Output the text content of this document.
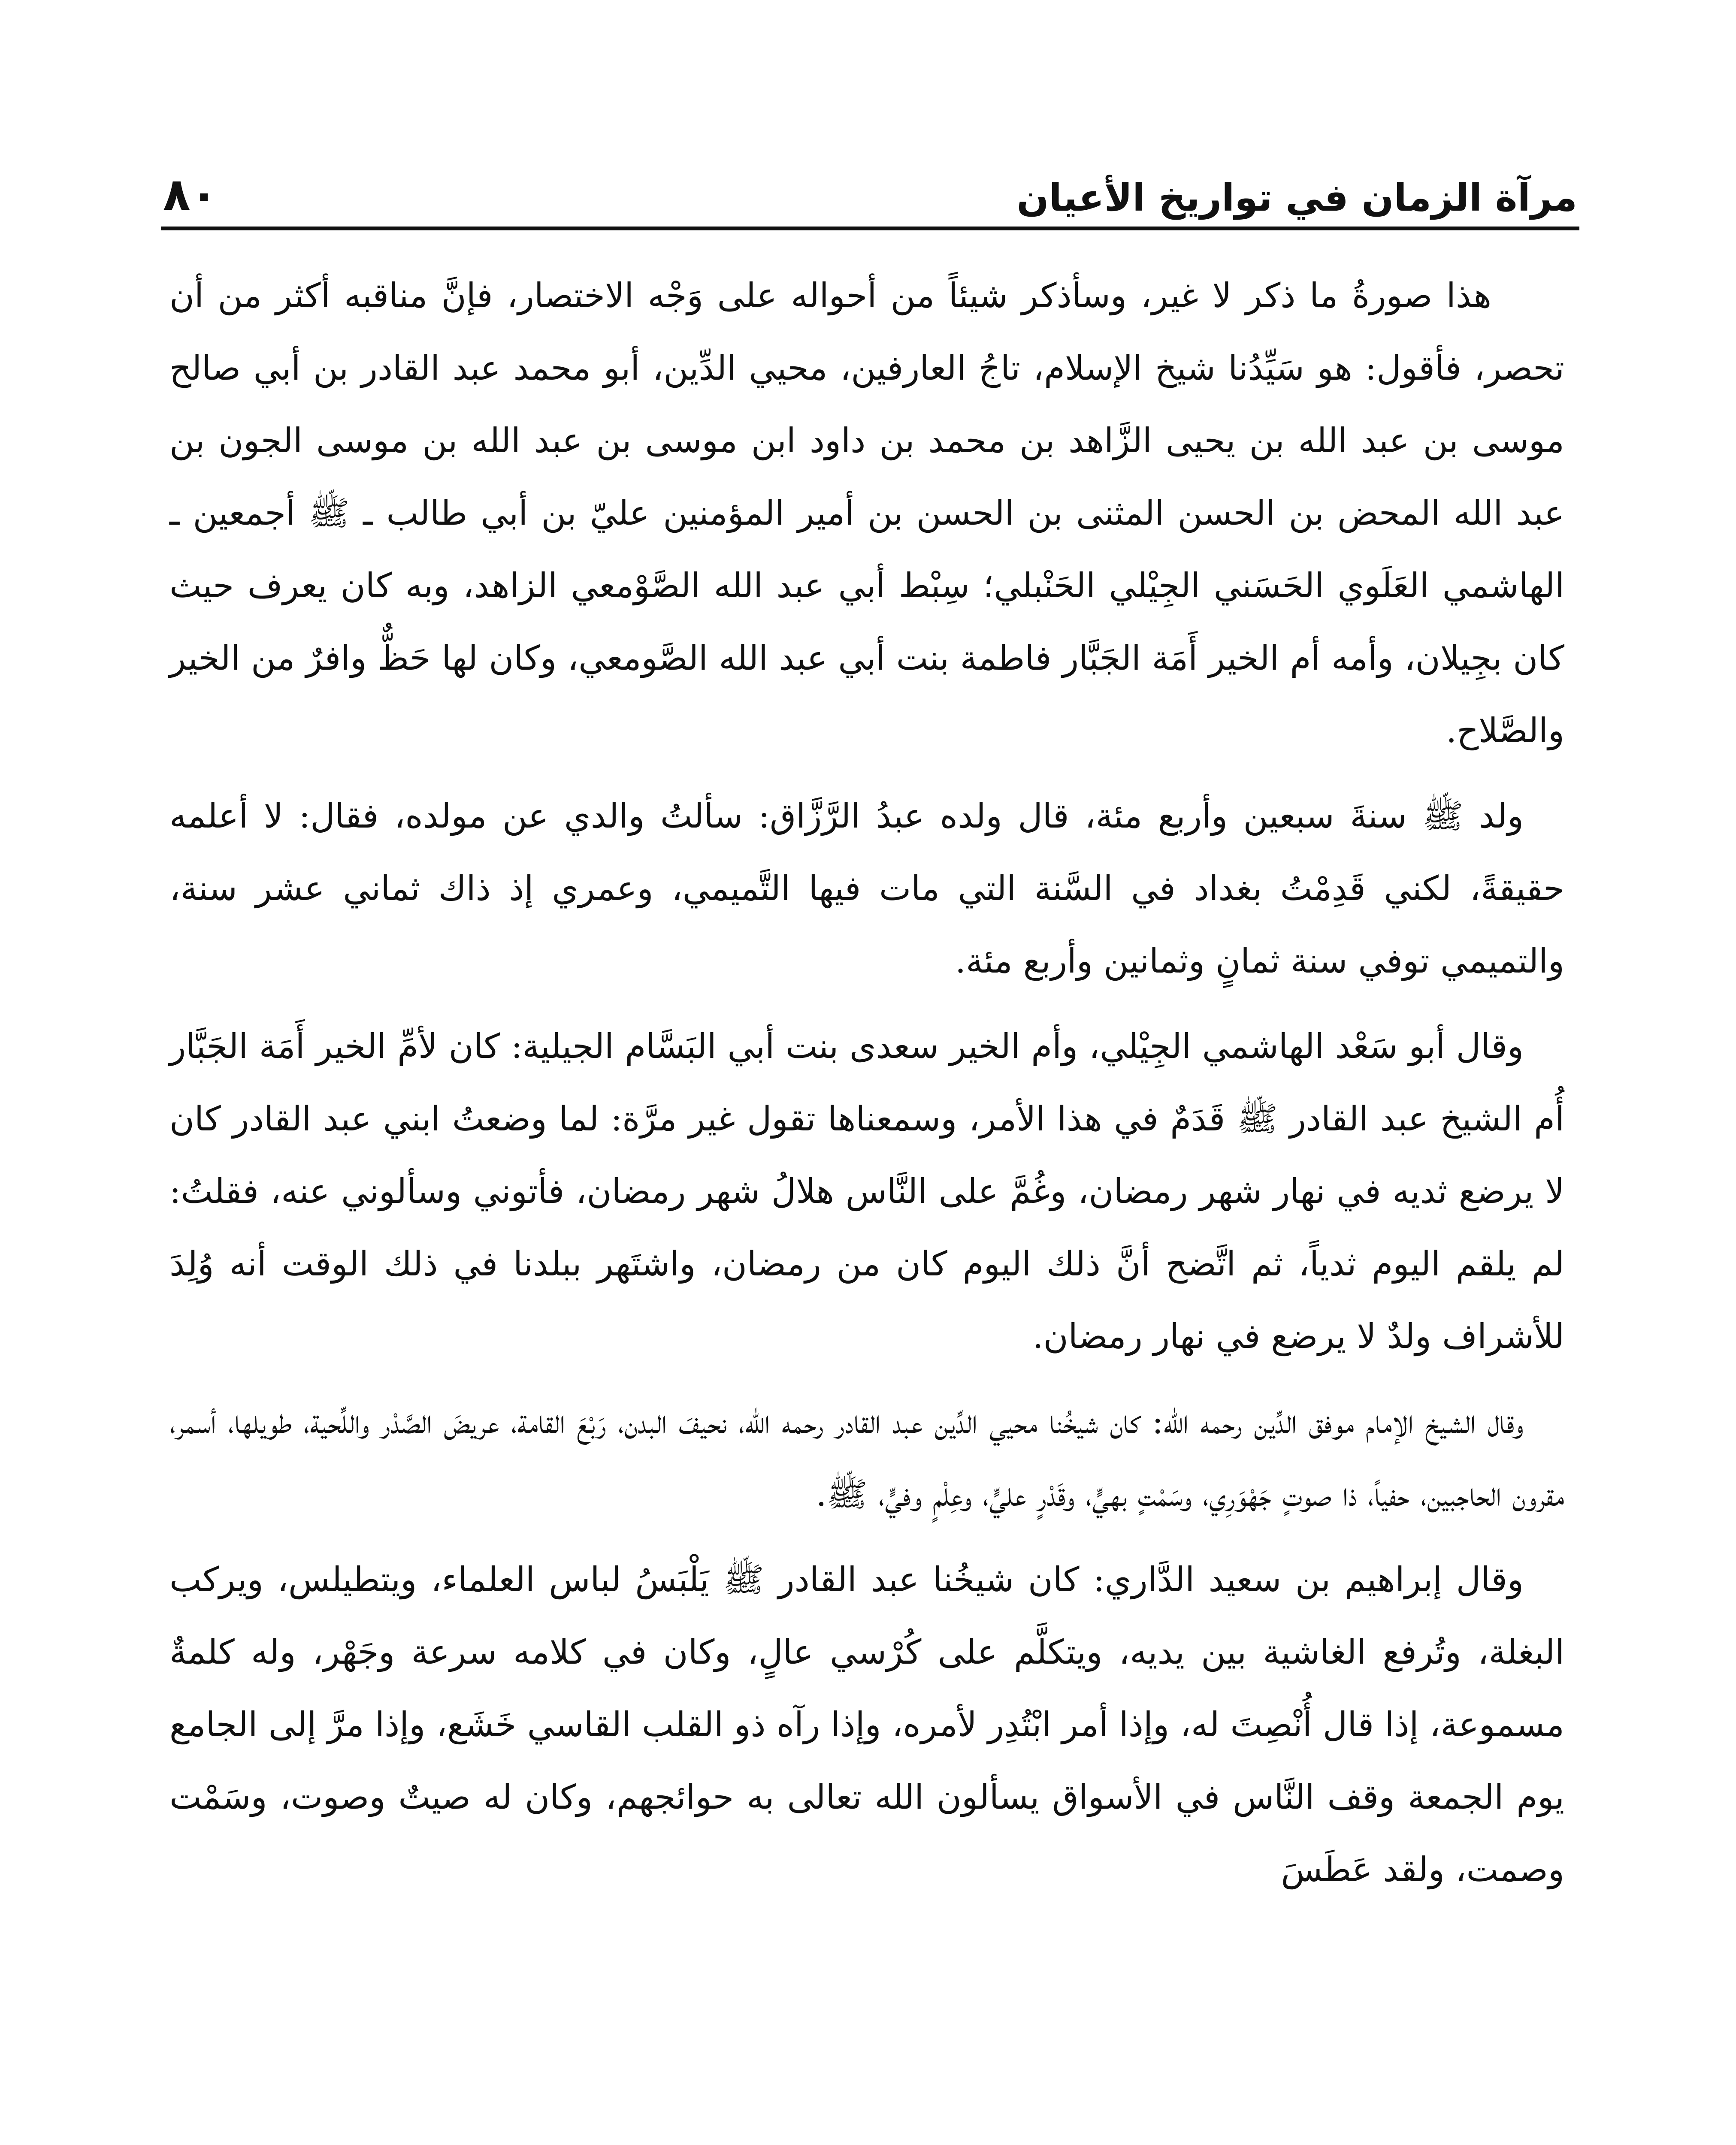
مرآة الزمان في تواريخ الأعيان
٨٠

هذا صورةُ ما ذكر لا غير، وسأذكر شيئاً من أحواله على وَجْه الاختصار، فإنَّ مناقبه أكثر من أن تحصر، فأقول: هو سَيِّدُنا شيخ الإسلام، تاجُ العارفين، محيي الدِّين، أبو محمد عبد القادر بن أبي صالح موسى بن عبد الله بن يحيى الزَّاهد بن محمد بن داود ابن موسى بن عبد الله بن موسى الجون بن عبد الله المحض بن الحسن المثنى بن الحسن بن أمير المؤمنين عليّ بن أبي طالب ـ ﷺ أجمعين ـ الهاشمي العَلَوي الحَسَني الجِيْلي الحَنْبلي؛ سِبْط أبي عبد الله الصَّوْمعي الزاهد، وبه كان يعرف حيث كان بجِيلان، وأمه أم الخير أَمَة الجَبَّار فاطمة بنت أبي عبد الله الصَّومعي، وكان لها حَظٌّ وافرٌ من الخير والصَّلاح.

ولد ﷺ سنةَ سبعين وأربع مئة، قال ولده عبدُ الرَّزَّاق: سألتُ والدي عن مولده، فقال: لا أعلمه حقيقةً، لكني قَدِمْتُ بغداد في السَّنة التي مات فيها التَّميمي، وعمري إذ ذاك ثماني عشر سنة، والتميمي توفي سنة ثمانٍ وثمانين وأربع مئة.

وقال أبو سَعْد الهاشمي الجِيْلي، وأم الخير سعدى بنت أبي البَسَّام الجيلية: كان لأمِّ الخير أَمَة الجَبَّار أُم الشيخ عبد القادر ﷺ قَدَمٌ في هذا الأمر، وسمعناها تقول غير مرَّة: لما وضعتُ ابني عبد القادر كان لا يرضع ثديه في نهار شهر رمضان، وغُمَّ على النَّاس هلالُ شهر رمضان، فأتوني وسألوني عنه، فقلتُ: لم يلقم اليوم ثدياً، ثم اتَّضح أنَّ ذلك اليوم كان من رمضان، واشتَهر ببلدنا في ذلك الوقت أنه وُلِدَ للأشراف ولدٌ لا يرضع في نهار رمضان.

وقال الشيخ الإمام موفق الدِّين رحمه الله: كان شيخُنا محيي الدِّين عبد القادر رحمه الله، نحيفَ البدن، رَبْعَ القامة، عريضَ الصَّدْر واللِّحية، طويلها، أسمر، مقرون الحاجبين، حفياً، ذا صوتٍ جَهْوَرِي، وسَمْتٍ بهيٍّ، وقَدْرٍ عليٍّ، وعِلْمٍ وفيٍّ، ﷺ.

وقال إبراهيم بن سعيد الدَّاري: كان شيخُنا عبد القادر ﷺ يَلْبَسُ لباس العلماء، ويتطيلس، ويركب البغلة، وتُرفع الغاشية بين يديه، ويتكلَّم على كُرْسي عالٍ، وكان في كلامه سرعة وجَهْر، وله كلمةٌ مسموعة، إذا قال أُنْصِتَ له، وإذا أمر ابْتُدِر لأمره، وإذا رآه ذو القلب القاسي خَشَع، وإذا مرَّ إلى الجامع يوم الجمعة وقف النَّاس في الأسواق يسألون الله تعالى به حوائجهم، وكان له صيتٌ وصوت، وسَمْت وصمت، ولقد عَطَسَ
